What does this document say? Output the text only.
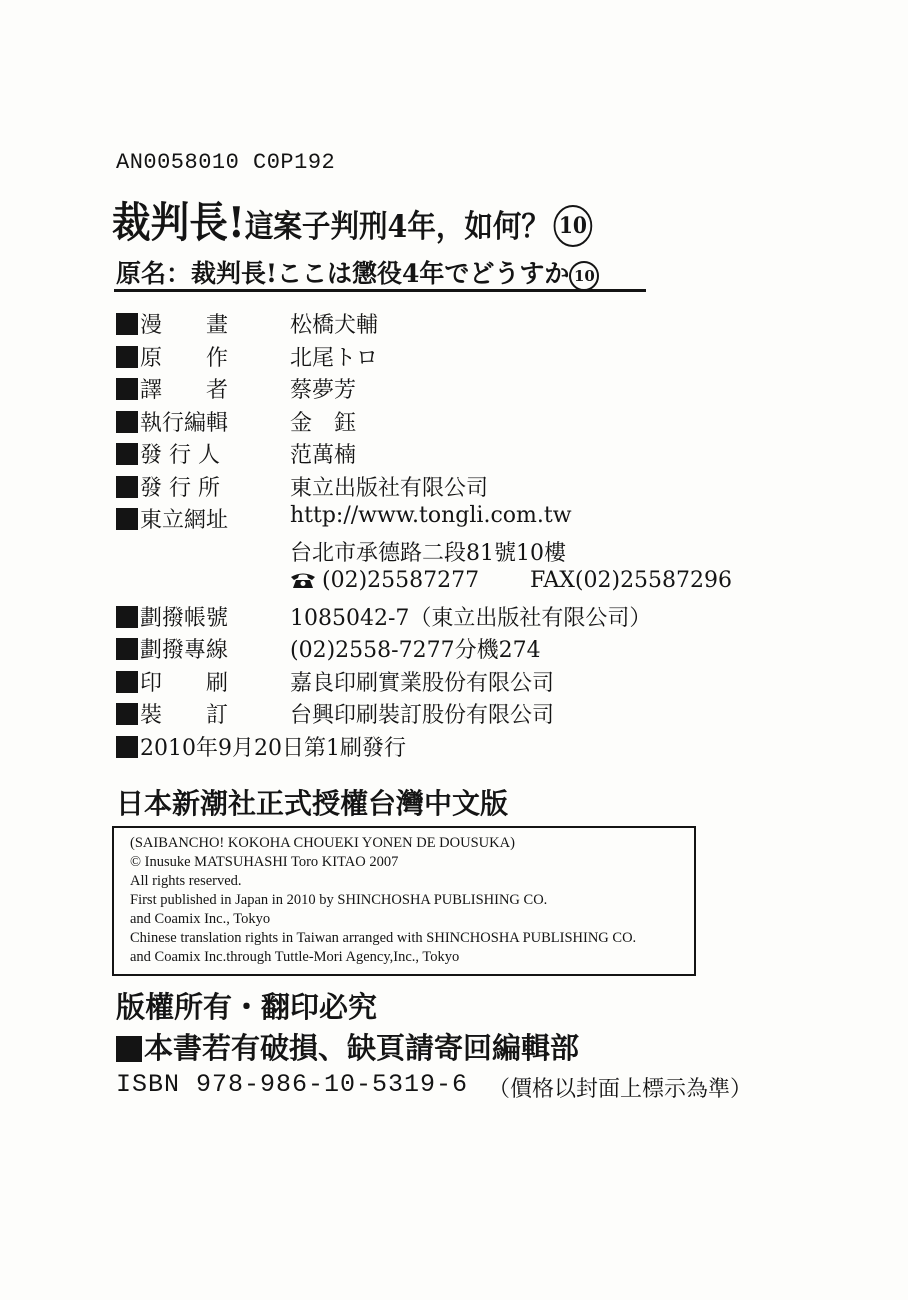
AN0058010 C0P192
裁判長!這案子判刑4年，如何？ 10
原名：裁判長!ここは懲役4年でどうすか 10
漫　　畫	松橋犬輔
原　　作	北尾トロ
譯　　者	蔡夢芳
執行編輯	金　鈺
發 行 人	范萬楠
發 行 所	東立出版社有限公司
東立網址	http://www.tongli.com.tw
台北市承德路二段81號10樓
(02)25587277 FAX(02)25587296
劃撥帳號	1085042-7（東立出版社有限公司）
劃撥專線	(02)2558-7277分機274
印　　刷	嘉良印刷實業股份有限公司
裝　　訂	台興印刷裝訂股份有限公司
2010年9月20日第1刷發行
日本新潮社正式授權台灣中文版
(SAIBANCHO! KOKOHA CHOUEKI YONEN DE DOUSUKA)
© Inusuke MATSUHASHI Toro KITAO 2007
All rights reserved.
First published in Japan in 2010 by SHINCHOSHA PUBLISHING CO.
and Coamix Inc., Tokyo
Chinese translation rights in Taiwan arranged with SHINCHOSHA PUBLISHING CO.
and Coamix Inc.through Tuttle-Mori Agency,Inc., Tokyo
版權所有・翻印必究
本書若有破損、缺頁請寄回編輯部
ISBN 978-986-10-5319-6 （價格以封面上標示為準）
